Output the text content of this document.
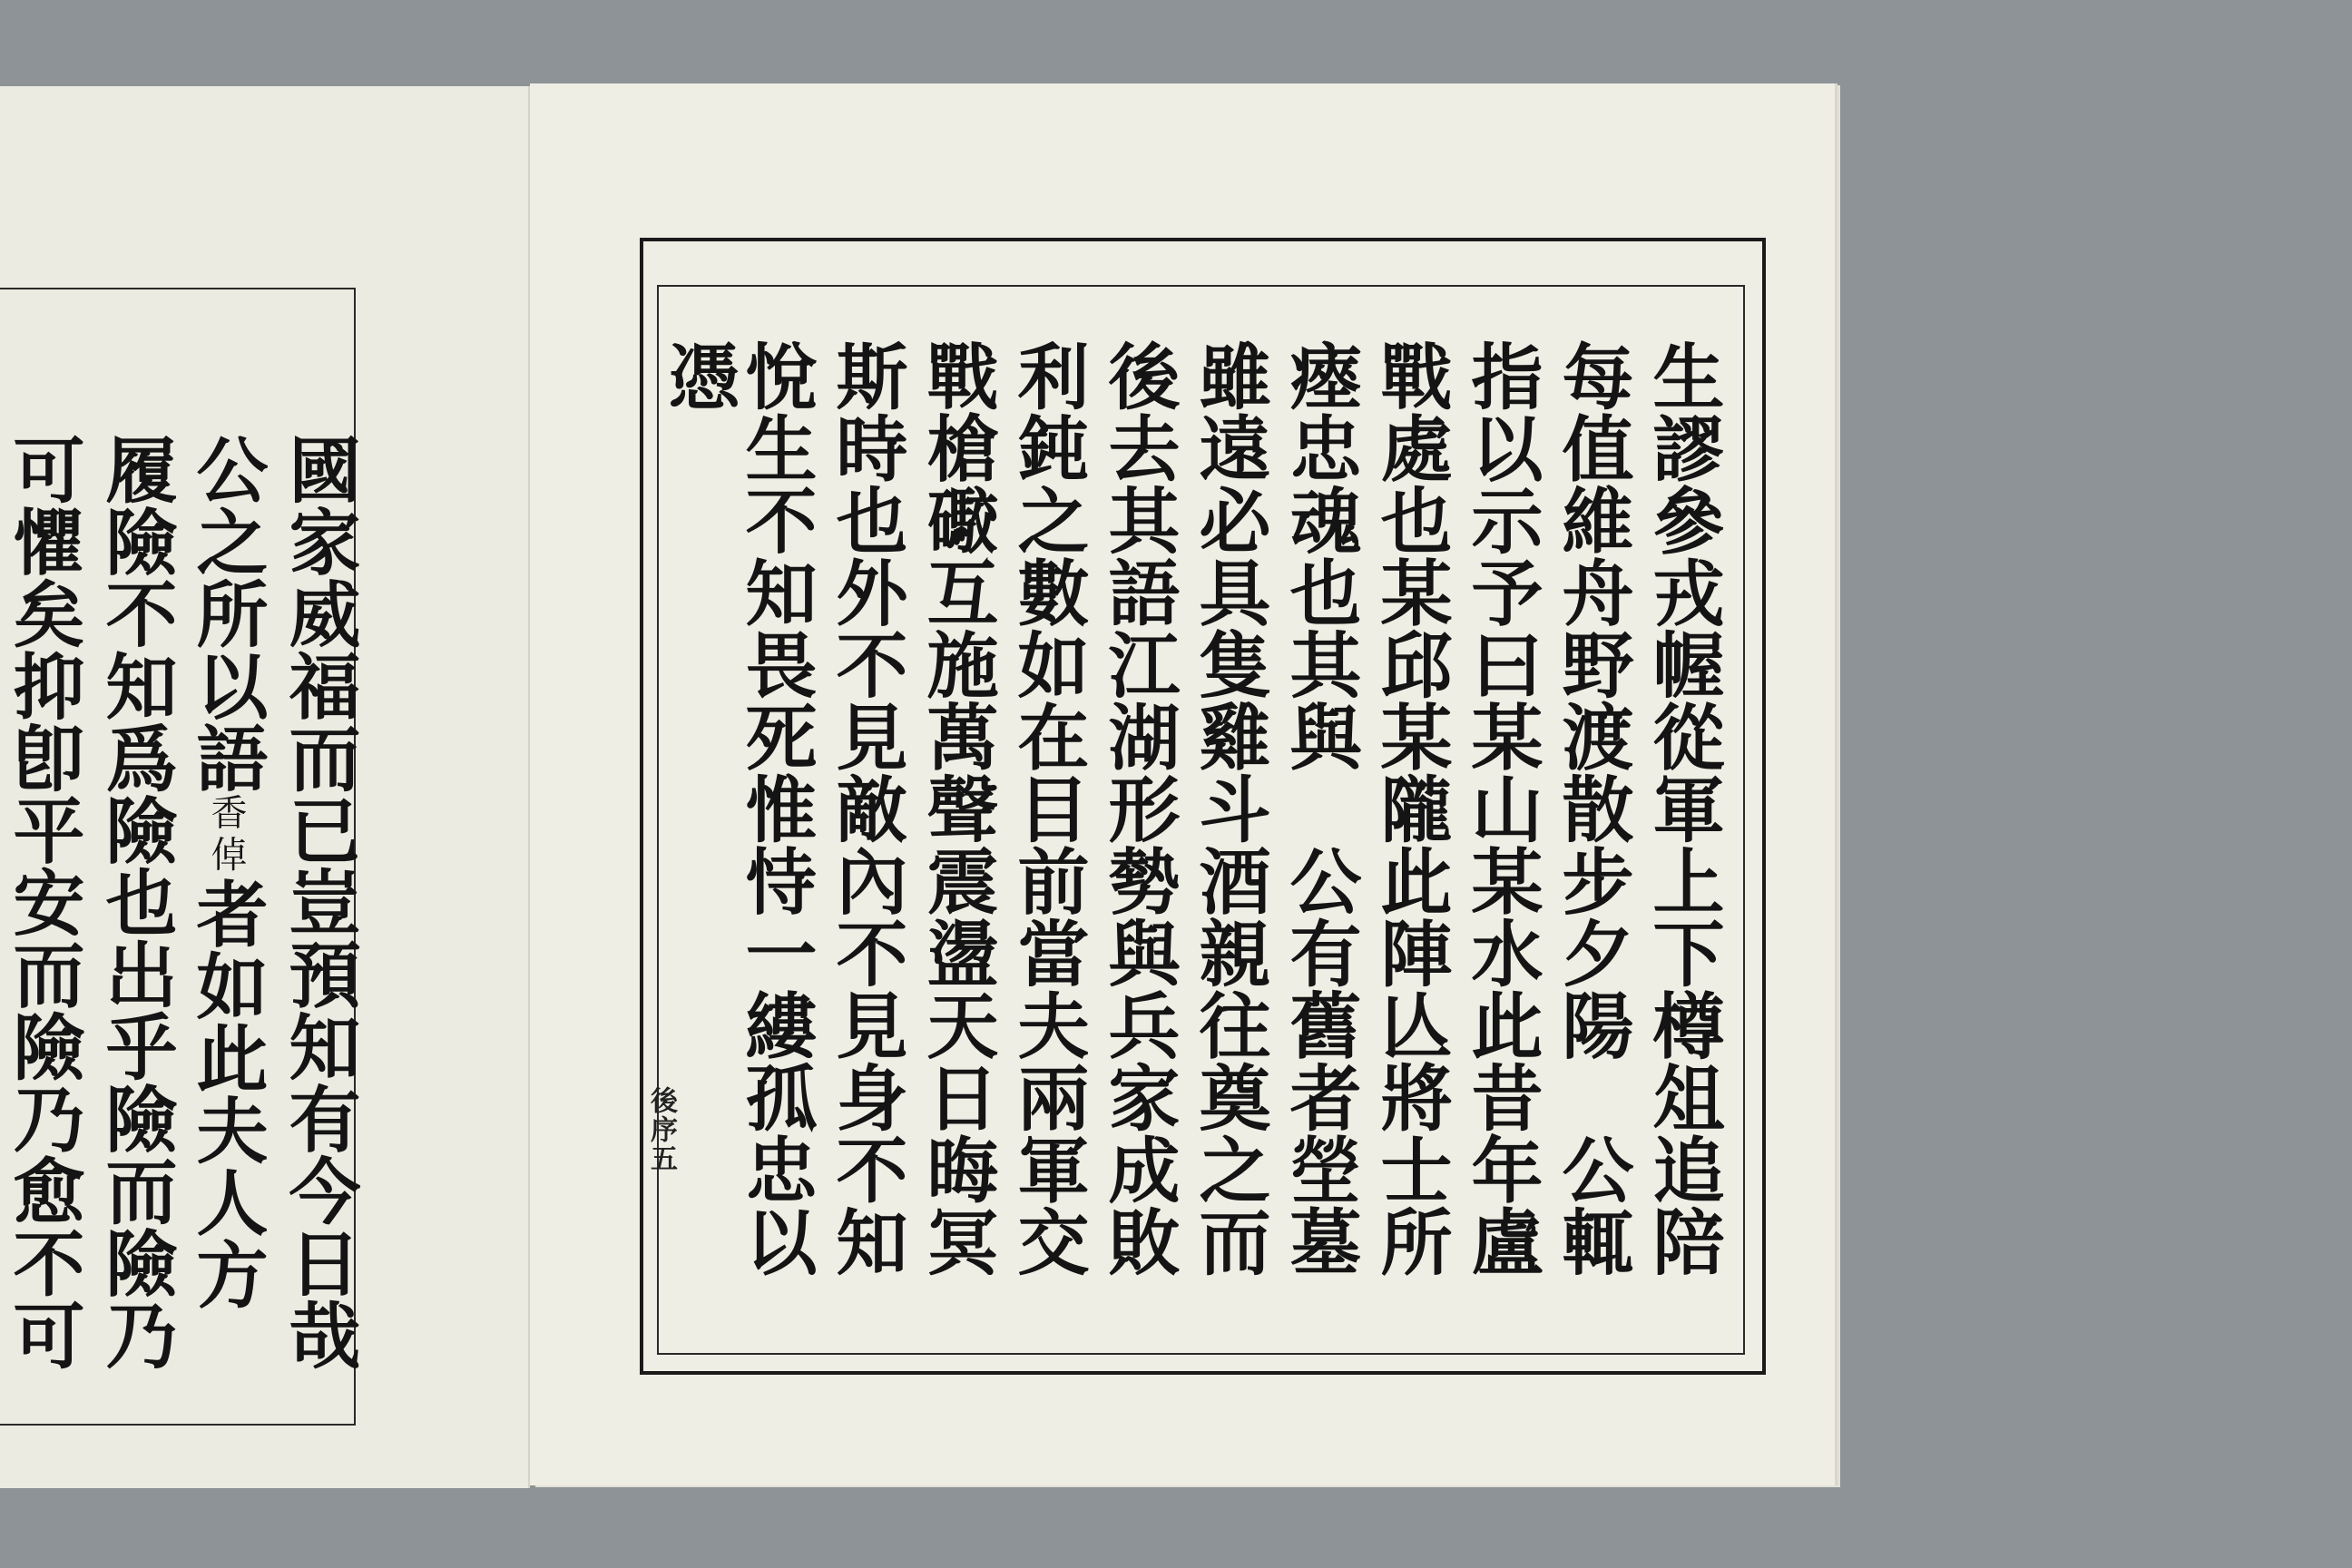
國家威福而已豈預知有今日哉
公之所以語香倬者如此夫人方
履險不知爲險也出乎險而險乃
可懼矣抑卽平安而險乃愈不可	後序五	生謬參戎幄從軍上下樽俎追陪
每值維舟野渡散步夕陽　公輒
指以示予曰某山某水此昔年盧
戰處也某邱某隴此陣亾將士所
瘞忠魂也其與　公有舊者塋墓
雖遠必具隻雞斗酒親往奠之而
後去其語江湖形勢與兵家成敗
利鈍之數如在目前當夫兩軍交
戰槍礮互施萬聲震盪天日晦冥
斯時也外不見敵內不見身不知
悅生不知畏死惟恃一縷孤忠以
憑
